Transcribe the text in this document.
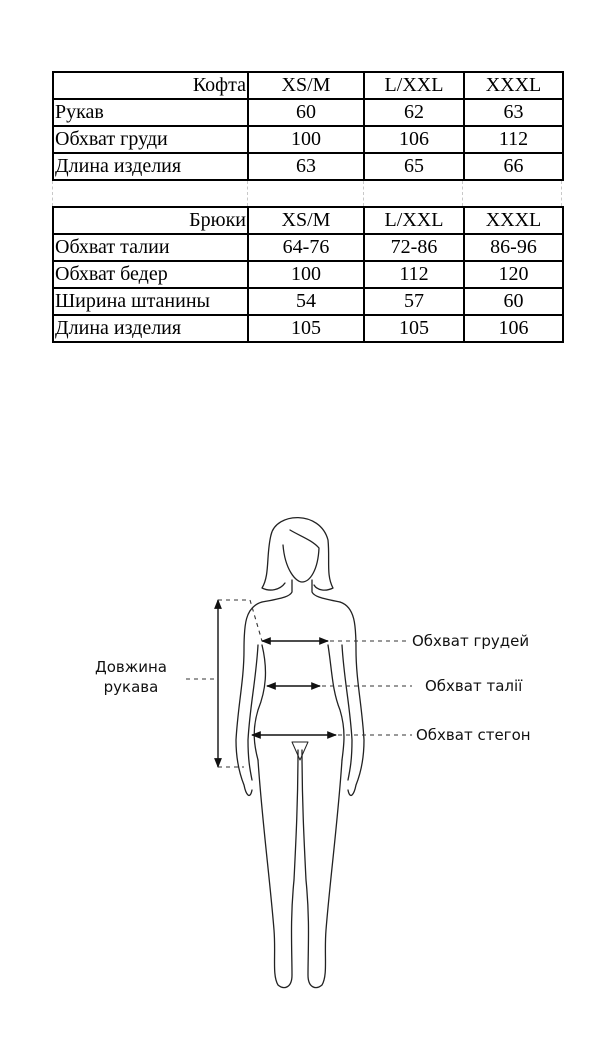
Кофта	XS/M	L/XXL	XXXL
Рукав	60	62	63
Обхват груди	100	106	112
Длина изделия	63	65	66
Брюки	XS/M	L/XXL	XXXL
Обхват талии	64-76	72-86	86-96
Обхват бедер	100	112	120
Ширина штанины	54	57	60
Длина изделия	105	105	106
Довжина
рукава
Обхват грудей
Обхват талії
Обхват стегон
